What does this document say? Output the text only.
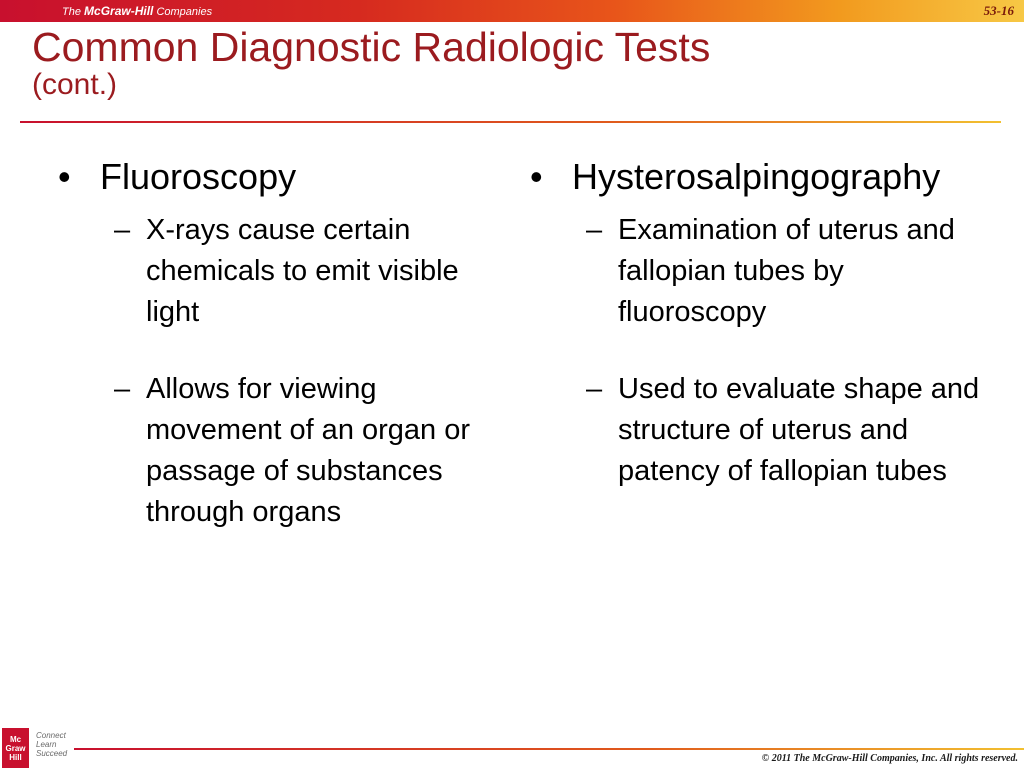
The McGraw-Hill Companies	53-16
Common Diagnostic Radiologic Tests
(cont.)
• Fluoroscopy
– X-rays cause certain chemicals to emit visible light
– Allows for viewing movement of an organ or passage of substances through organs
• Hysterosalpingography
– Examination of uterus and fallopian tubes by fluoroscopy
– Used to evaluate shape and structure of uterus and patency of fallopian tubes
Mc Graw Hill
Connect
Learn
Succeed	© 2011 The McGraw-Hill Companies, Inc. All rights reserved.
